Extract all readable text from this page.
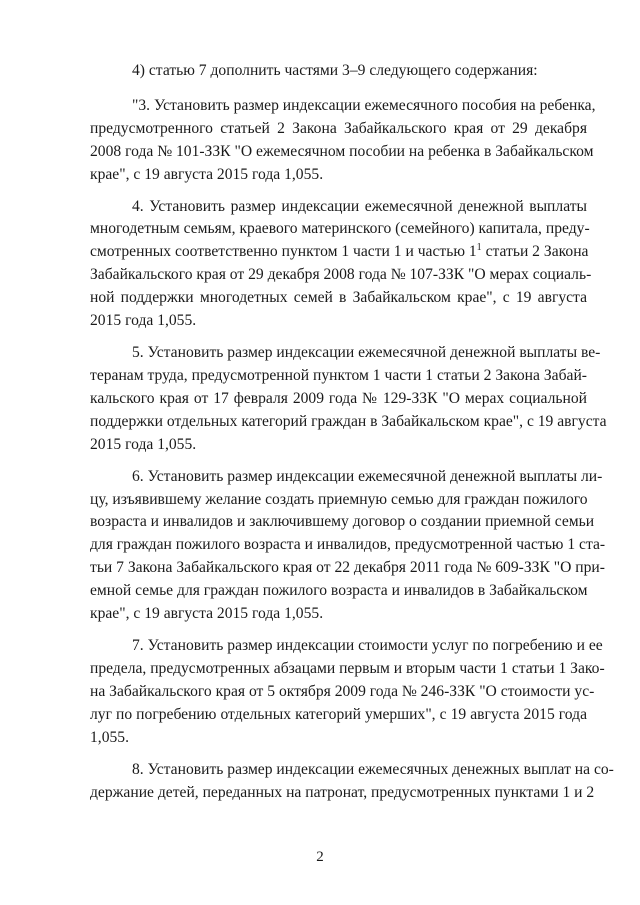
4) статью 7 дополнить частями 3–9 следующего содержания:
"3. Установить размер индексации ежемесячного пособия на ребенка,
предусмотренного статьей 2 Закона Забайкальского края от 29 декабря
2008 года № 101-ЗЗК "О ежемесячном пособии на ребенка в Забайкальском
крае", с 19 августа 2015 года 1,055.
4. Установить размер индексации ежемесячной денежной выплаты
многодетным семьям, краевого материнского (семейного) капитала, преду-
смотренных соответственно пунктом 1 части 1 и частью $1^1$ статьи 2 Закона
Забайкальского края от 29 декабря 2008 года № 107-ЗЗК "О мерах социаль-
ной поддержки многодетных семей в Забайкальском крае", с 19 августа
2015 года 1,055.
5. Установить размер индексации ежемесячной денежной выплаты ве-
теранам труда, предусмотренной пунктом 1 части 1 статьи 2 Закона Забай-
кальского края от 17 февраля 2009 года № 129-ЗЗК "О мерах социальной
поддержки отдельных категорий граждан в Забайкальском крае", с 19 августа
2015 года 1,055.
6. Установить размер индексации ежемесячной денежной выплаты ли-
цу, изъявившему желание создать приемную семью для граждан пожилого
возраста и инвалидов и заключившему договор о создании приемной семьи
для граждан пожилого возраста и инвалидов, предусмотренной частью 1 ста-
тьи 7 Закона Забайкальского края от 22 декабря 2011 года № 609-ЗЗК "О при-
емной семье для граждан пожилого возраста и инвалидов в Забайкальском
крае", с 19 августа 2015 года 1,055.
7. Установить размер индексации стоимости услуг по погребению и ее
предела, предусмотренных абзацами первым и вторым части 1 статьи 1 Зако-
на Забайкальского края от 5 октября 2009 года № 246-ЗЗК "О стоимости ус-
луг по погребению отдельных категорий умерших", с 19 августа 2015 года
1,055.
8. Установить размер индексации ежемесячных денежных выплат на со-
держание детей, переданных на патронат, предусмотренных пунктами 1 и 2
2
